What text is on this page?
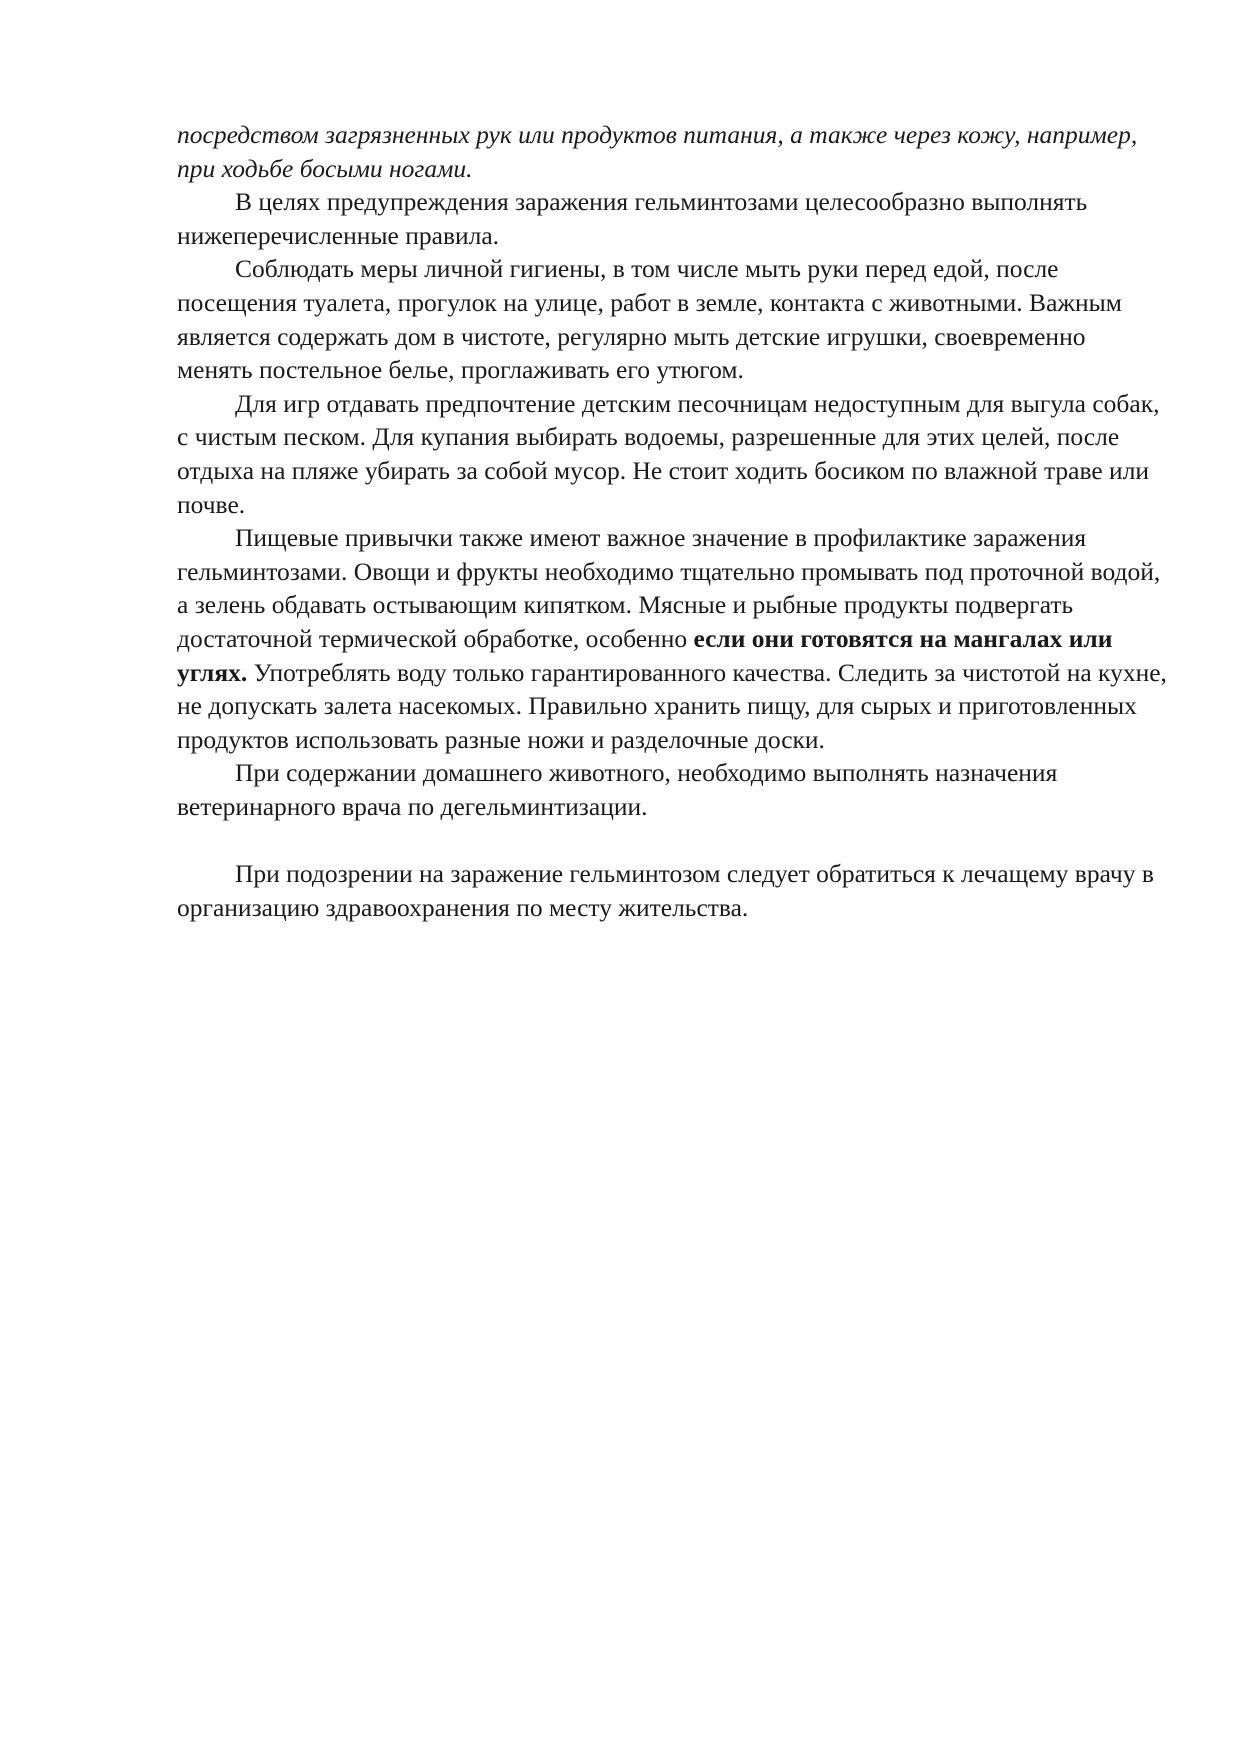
посредством загрязненных рук или продуктов питания, а также через кожу, например, при ходьбе босыми ногами.

В целях предупреждения заражения гельминтозами целесообразно выполнять нижеперечисленные правила.

Соблюдать меры личной гигиены, в том числе мыть руки перед едой, после посещения туалета, прогулок на улице, работ в земле, контакта с животными. Важным является содержать дом в чистоте, регулярно мыть детские игрушки, своевременно менять постельное белье, проглаживать его утюгом.

Для игр отдавать предпочтение детским песочницам недоступным для выгула собак, с чистым песком. Для купания выбирать водоемы, разрешенные для этих целей, после отдыха на пляже убирать за собой мусор. Не стоит ходить босиком по влажной траве или почве.

Пищевые привычки также имеют важное значение в профилактике заражения гельминтозами. Овощи и фрукты необходимо тщательно промывать под проточной водой, а зелень обдавать остывающим кипятком. Мясные и рыбные продукты подвергать достаточной термической обработке, особенно если они готовятся на мангалах или углях. Употреблять воду только гарантированного качества. Следить за чистотой на кухне, не допускать залета насекомых. Правильно хранить пищу, для сырых и приготовленных продуктов использовать разные ножи и разделочные доски.

При содержании домашнего животного, необходимо выполнять назначения ветеринарного врача по дегельминтизации.

При подозрении на заражение гельминтозом следует обратиться к лечащему врачу в организацию здравоохранения по месту жительства.
